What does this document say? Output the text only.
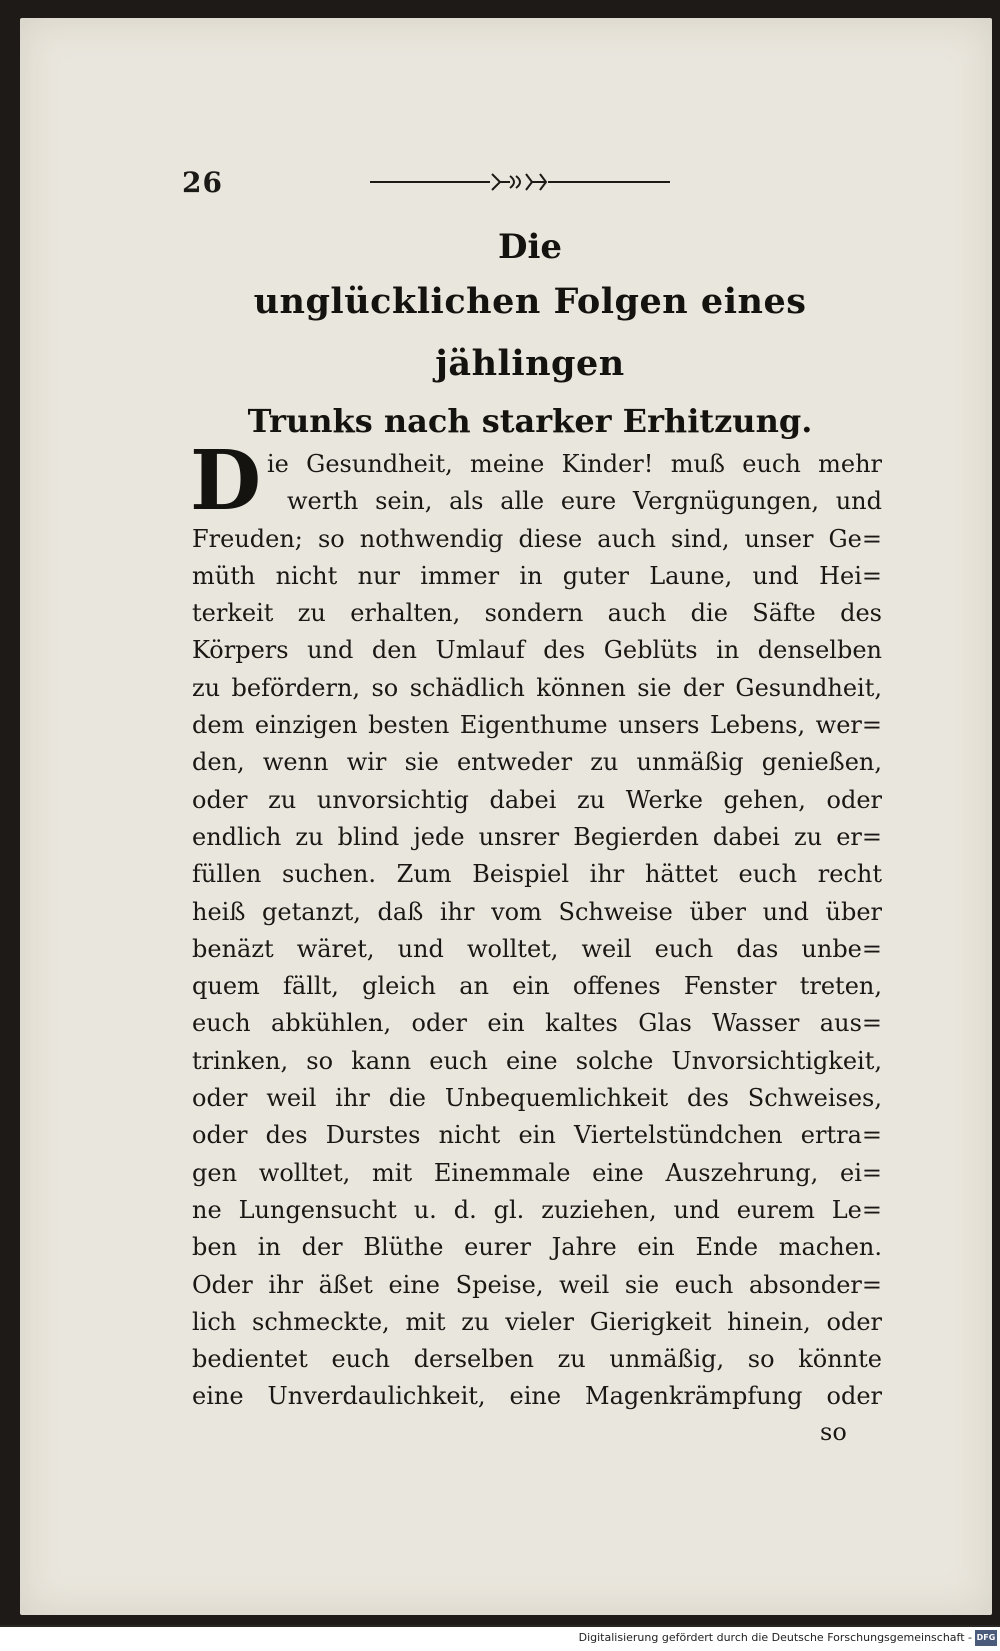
26
Die
unglücklichen Folgen eines jählingen
Trunks nach starker Erhitzung.
D ie Gesundheit, meine Kinder! muß euch mehr
werth sein, als alle eure Vergnügungen, und
Freuden; so nothwendig diese auch sind, unser Ge=
müth nicht nur immer in guter Laune, und Hei=
terkeit zu erhalten, sondern auch die Säfte des
Körpers und den Umlauf des Geblüts in denselben
zu befördern, so schädlich können sie der Gesundheit,
dem einzigen besten Eigenthume unsers Lebens, wer=
den, wenn wir sie entweder zu unmäßig genießen,
oder zu unvorsichtig dabei zu Werke gehen, oder
endlich zu blind jede unsrer Begierden dabei zu er=
füllen suchen. Zum Beispiel ihr hättet euch recht
heiß getanzt, daß ihr vom Schweise über und über
benäzt wäret, und wolltet, weil euch das unbe=
quem fällt, gleich an ein offenes Fenster treten,
euch abkühlen, oder ein kaltes Glas Wasser aus=
trinken, so kann euch eine solche Unvorsichtigkeit,
oder weil ihr die Unbequemlichkeit des Schweises,
oder des Durstes nicht ein Viertelstündchen ertra=
gen wolltet, mit Einemmale eine Auszehrung, ei=
ne Lungensucht u. d. gl. zuziehen, und eurem Le=
ben in der Blüthe eurer Jahre ein Ende machen.
Oder ihr äßet eine Speise, weil sie euch absonder=
lich schmeckte, mit zu vieler Gierigkeit hinein, oder
bedientet euch derselben zu unmäßig, so könnte
eine Unverdaulichkeit, eine Magenkrämpfung oder
so
Digitalisierung gefördert durch die Deutsche Forschungsgemeinschaft - DFG
